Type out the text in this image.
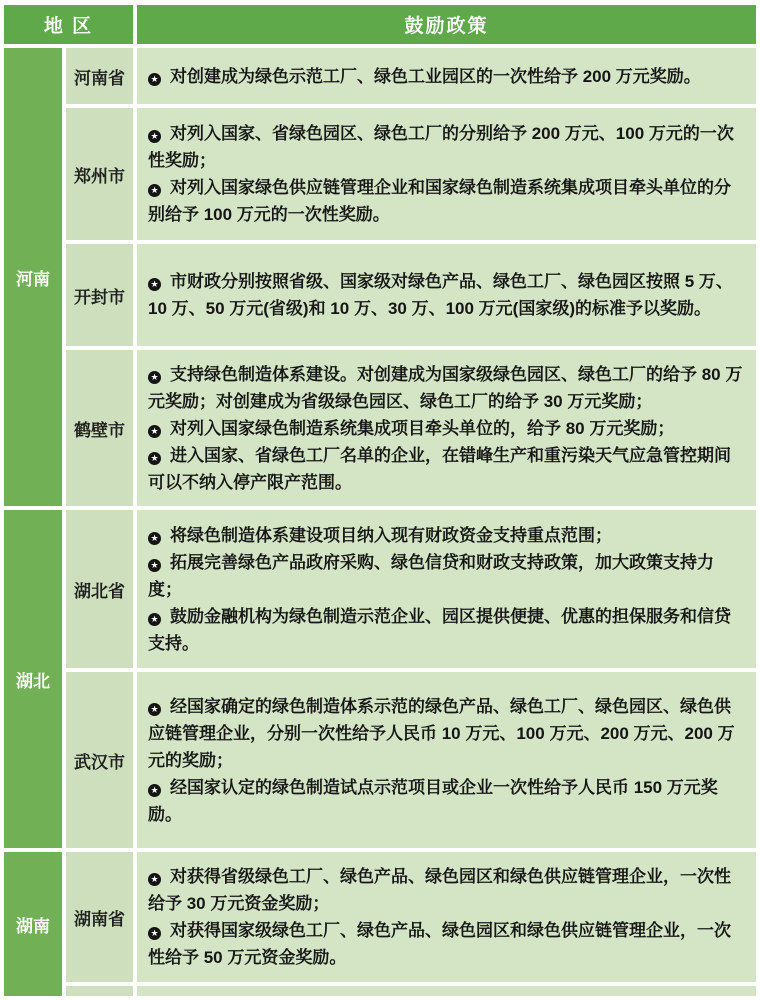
地 区	鼓励政策
河南
湖北
湖南
河南省	★ 对创建成为绿色示范工厂、绿色工业园区的一次性给予 200 万元奖励。

郑州市

★ 对列入国家、省绿色园区、绿色工厂的分别给予 200 万元、100 万元的一次性奖励；

★ 对列入国家绿色供应链管理企业和国家绿色制造系统集成项目牵头单位的分别给予 100 万元的一次性奖励。

开封市

★ 市财政分别按照省级、国家级对绿色产品、绿色工厂、绿色园区按照 5 万、10 万、50 万元(省级)和 10 万、30 万、100 万元(国家级)的标准予以奖励。

鹤壁市

★ 支持绿色制造体系建设。对创建成为国家级绿色园区、绿色工厂的给予 80 万元奖励；对创建成为省级绿色园区、绿色工厂的给予 30 万元奖励；

★ 对列入国家绿色制造系统集成项目牵头单位的，给予 80 万元奖励；

★ 进入国家、省绿色工厂名单的企业，在错峰生产和重污染天气应急管控期间可以不纳入停产限产范围。

湖北省

★ 将绿色制造体系建设项目纳入现有财政资金支持重点范围；

★ 拓展完善绿色产品政府采购、绿色信贷和财政支持政策，加大政策支持力度；

★ 鼓励金融机构为绿色制造示范企业、园区提供便捷、优惠的担保服务和信贷支持。

武汉市

★ 经国家确定的绿色制造体系示范的绿色产品、绿色工厂、绿色园区、绿色供应链管理企业，分别一次性给予人民币 10 万元、100 万元、200 万元、200 万元的奖励；

★ 经国家认定的绿色制造试点示范项目或企业一次性给予人民币 150 万元奖励。

湖南省

★ 对获得省级绿色工厂、绿色产品、绿色园区和绿色供应链管理企业，一次性给予 30 万元资金奖励；

★ 对获得国家级绿色工厂、绿色产品、绿色园区和绿色供应链管理企业，一次性给予 50 万元资金奖励。
